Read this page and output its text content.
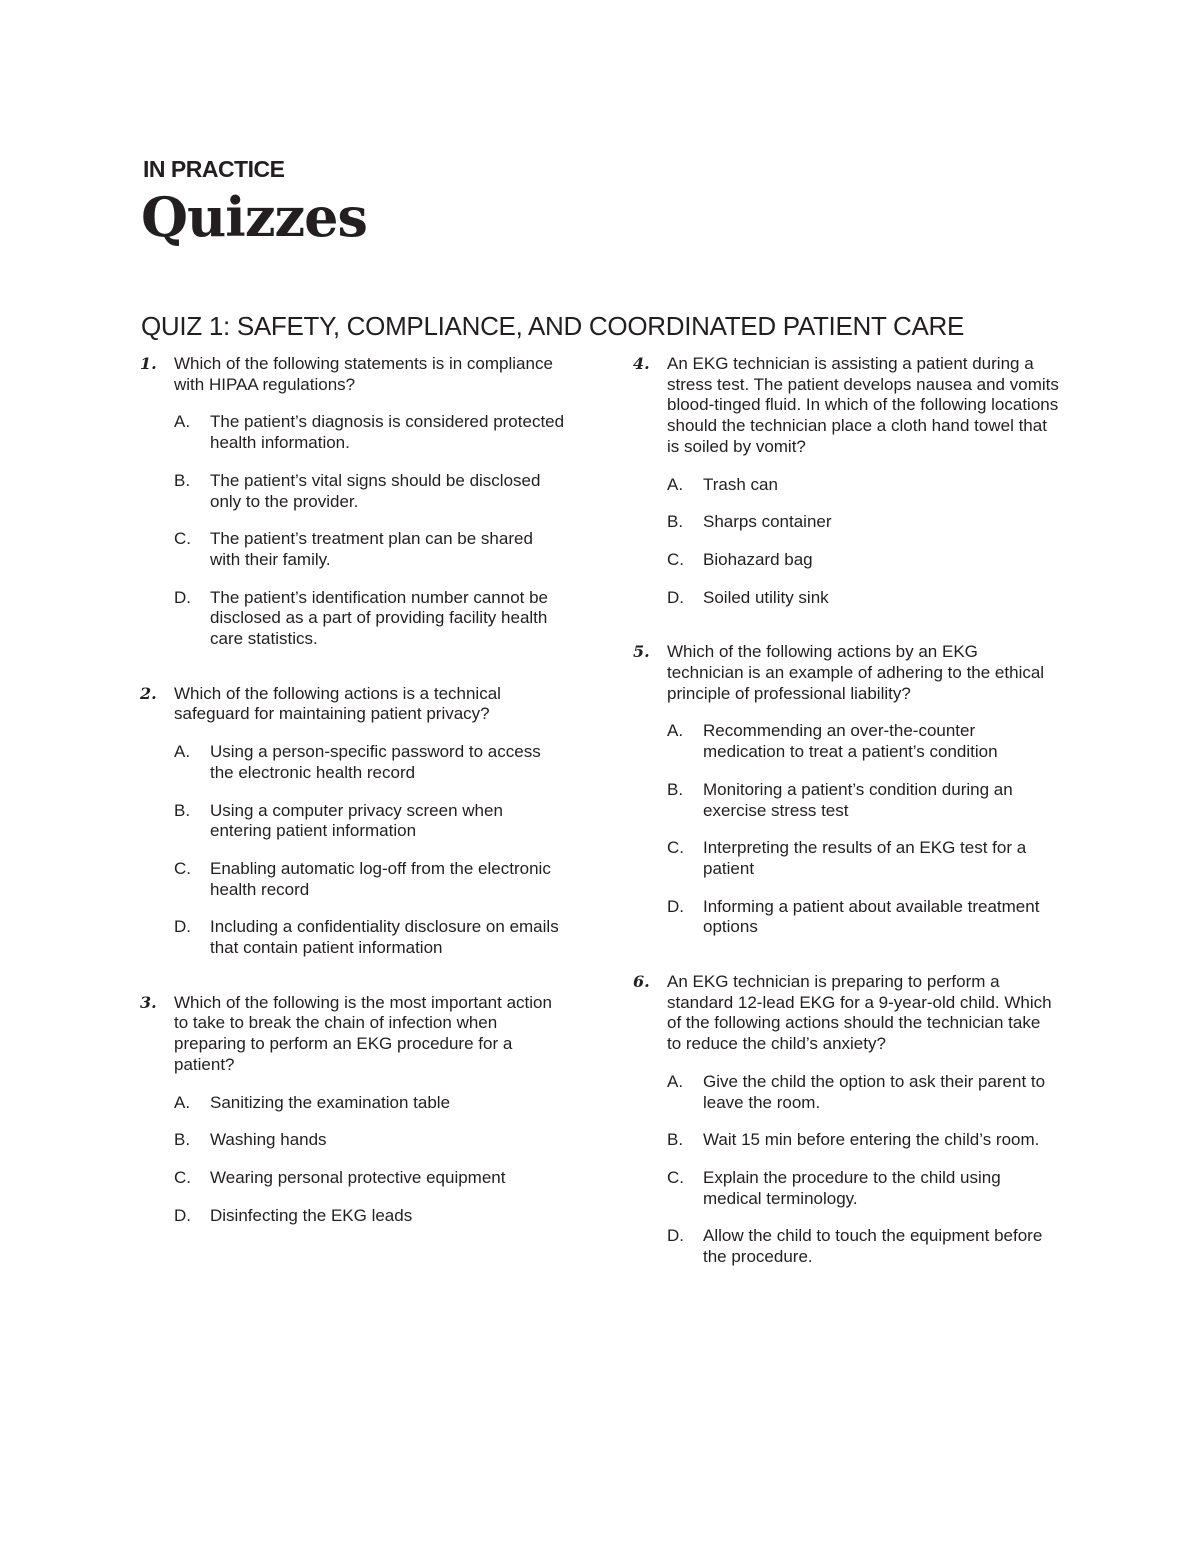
IN PRACTICE

Quizzes
QUIZ 1: SAFETY, COMPLIANCE, AND COORDINATED PATIENT CARE
1. Which of the following statements is in compliance with HIPAA regulations?

A. The patient’s diagnosis is considered protected health information.
B. The patient’s vital signs should be disclosed only to the provider.
C. The patient’s treatment plan can be shared with their family.
D. The patient’s identification number cannot be disclosed as a part of providing facility health care statistics.
2. Which of the following actions is a technical safeguard for maintaining patient privacy?

A. Using a person-specific password to access the electronic health record
B. Using a computer privacy screen when entering patient information
C. Enabling automatic log-off from the electronic health record
D. Including a confidentiality disclosure on emails that contain patient information
3. Which of the following is the most important action to take to break the chain of infection when preparing to perform an EKG procedure for a patient?

A. Sanitizing the examination table
B. Washing hands
C. Wearing personal protective equipment
D. Disinfecting the EKG leads
4. An EKG technician is assisting a patient during a stress test. The patient develops nausea and vomits blood-tinged fluid. In which of the following locations should the technician place a cloth hand towel that is soiled by vomit?

A. Trash can
B. Sharps container
C. Biohazard bag
D. Soiled utility sink
5. Which of the following actions by an EKG technician is an example of adhering to the ethical principle of professional liability?

A. Recommending an over-the-counter medication to treat a patient’s condition
B. Monitoring a patient’s condition during an exercise stress test
C. Interpreting the results of an EKG test for a patient
D. Informing a patient about available treatment options
6. An EKG technician is preparing to perform a standard 12-lead EKG for a 9-year-old child. Which of the following actions should the technician take to reduce the child’s anxiety?

A. Give the child the option to ask their parent to leave the room.
B. Wait 15 min before entering the child’s room.
C. Explain the procedure to the child using medical terminology.
D. Allow the child to touch the equipment before the procedure.
